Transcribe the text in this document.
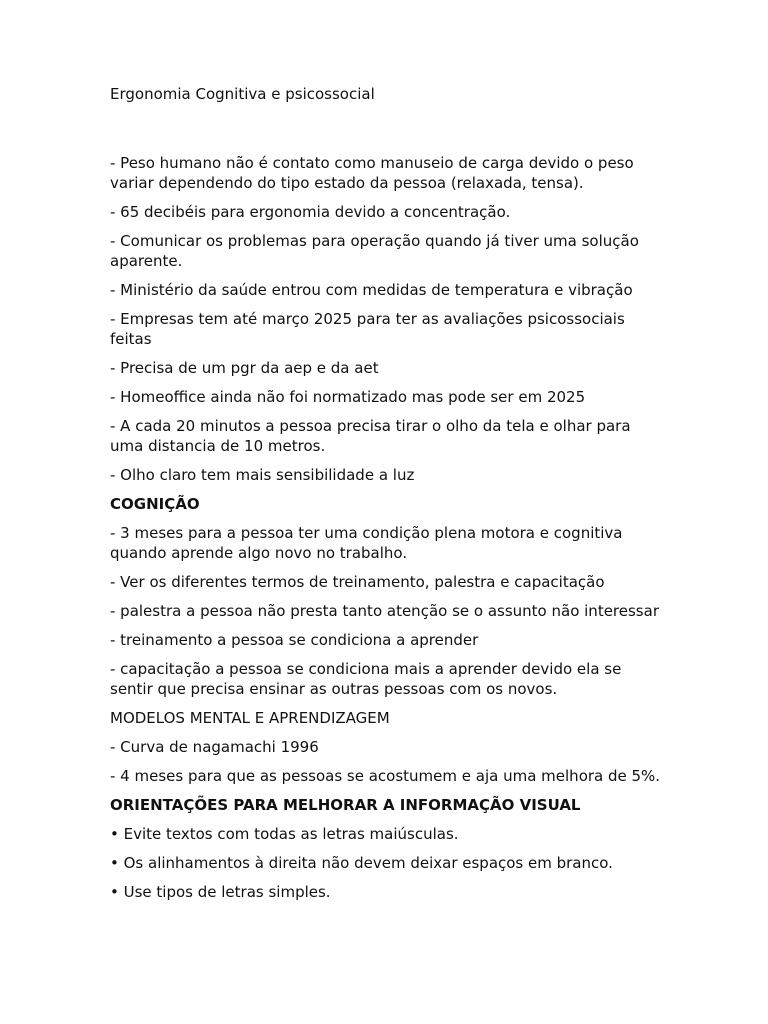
Ergonomia Cognitiva e psicossocial

- Peso humano não é contato como manuseio de carga devido o peso variar dependendo do tipo estado da pessoa (relaxada, tensa).

- 65 decibéis para ergonomia devido a concentração.

- Comunicar os problemas para operação quando já tiver uma solução aparente.

- Ministério da saúde entrou com medidas de temperatura e vibração

- Empresas tem até março 2025 para ter as avaliações psicossociais feitas

- Precisa de um pgr da aep e da aet

- Homeoffice ainda não foi normatizado mas pode ser em 2025

- A cada 20 minutos a pessoa precisa tirar o olho da tela e olhar para uma distancia de 10 metros.

- Olho claro tem mais sensibilidade a luz

COGNIÇÃO

- 3 meses para a pessoa ter uma condição plena motora e cognitiva quando aprende algo novo no trabalho.

- Ver os diferentes termos de treinamento, palestra e capacitação

- palestra a pessoa não presta tanto atenção se o assunto não interessar

- treinamento a pessoa se condiciona a aprender

- capacitação a pessoa se condiciona mais a aprender devido ela se sentir que precisa ensinar as outras pessoas com os novos.

MODELOS MENTAL E APRENDIZAGEM

- Curva de nagamachi 1996

- 4 meses para que as pessoas se acostumem e aja uma melhora de 5%.

ORIENTAÇÕES PARA MELHORAR A INFORMAÇÃO VISUAL

• Evite textos com todas as letras maiúsculas.

• Os alinhamentos à direita não devem deixar espaços em branco.

• Use tipos de letras simples.
